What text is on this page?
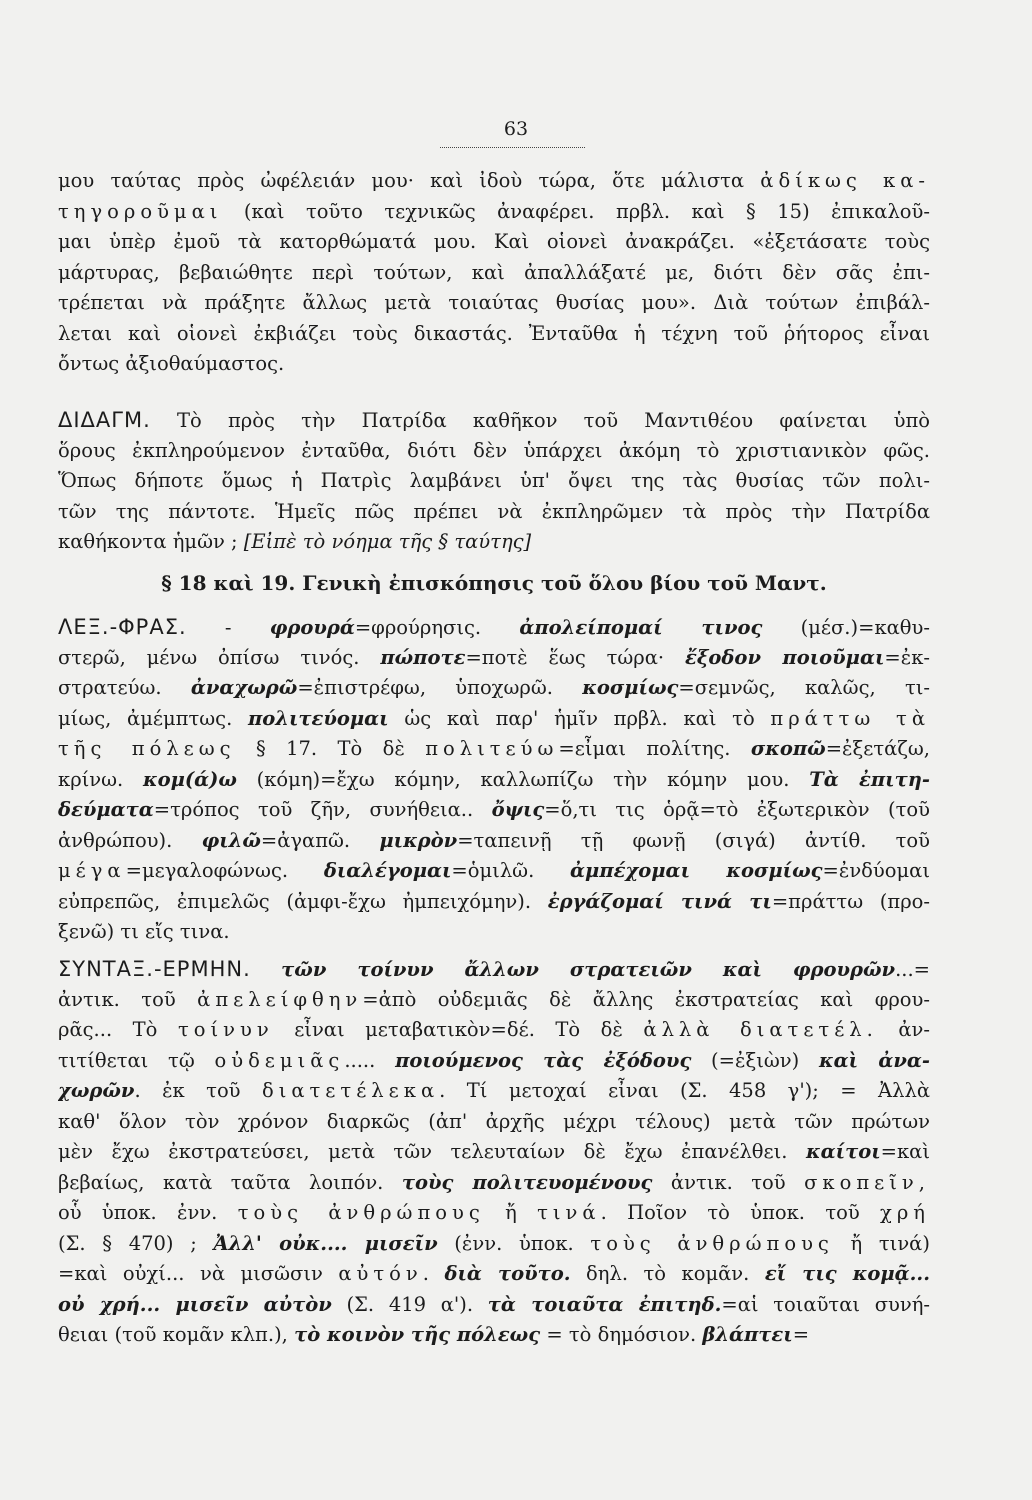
63
μου ταύτας πρὸς ὠφέλειάν μου· καὶ ἰδοὺ τώρα, ὅτε μάλιστα ἀδίκως κα-
τηγοροῦμαι (καὶ τοῦτο τεχνικῶς ἀναφέρει. πρβλ. καὶ § 15) ἐπικαλοῦ-
μαι ὑπὲρ ἐμοῦ τὰ κατορθώματά μου. Καὶ οἱονεὶ ἀνακράζει. «ἐξετάσατε τοὺς
μάρτυρας, βεβαιώθητε περὶ τούτων, καὶ ἀπαλλάξατέ με, διότι δὲν σᾶς ἐπι-
τρέπεται νὰ πράξητε ἄλλως μετὰ τοιαύτας θυσίας μου». Διὰ τούτων ἐπιβάλ-
λεται καὶ οἱονεὶ ἐκβιάζει τοὺς δικαστάς. Ἐνταῦθα ἡ τέχνη τοῦ ῥήτορος εἶναι
ὄντως ἀξιοθαύμαστος.
ΔΙΔΑΓΜ. Τὸ πρὸς τὴν Πατρίδα καθῆκον τοῦ Μαντιθέου φαίνεται ὑπὸ
ὅρους ἐκπληρούμενον ἐνταῦθα, διότι δὲν ὑπάρχει ἀκόμη τὸ χριστιανικὸν φῶς.
Ὅπως δήποτε ὅμως ἡ Πατρὶς λαμβάνει ὑπ' ὄψει της τὰς θυσίας τῶν πολι-
τῶν της πάντοτε. Ἡμεῖς πῶς πρέπει νὰ ἐκπληρῶμεν τὰ πρὸς τὴν Πατρίδα
καθήκοντα ἡμῶν ; [Εἰπὲ τὸ νόημα τῆς § ταύτης]
§ 18 καὶ 19. Γενικὴ ἐπισκόπησις τοῦ ὅλου βίου τοῦ Μαντ.
ΛΕΞ.-ΦΡΑΣ. - φρουρά=φρούρησις. ἀπολείπομαί τινος (μέσ.)=καθυ-
στερῶ, μένω ὀπίσω τινός. πώποτε=ποτὲ ἕως τώρα· ἔξοδον ποιοῦμαι=ἐκ-
στρατεύω. ἀναχωρῶ=ἐπιστρέφω, ὑποχωρῶ. κοσμίως=σεμνῶς, καλῶς, τι-
μίως, ἀμέμπτως. πολιτεύομαι ὡς καὶ παρ' ἡμῖν πρβλ. καὶ τὸ πράττω τὰ
τῆς πόλεως § 17. Τὸ δὲ πολιτεύω=εἶμαι πολίτης. σκοπῶ=ἐξετάζω,
κρίνω. κομ(ά)ω (κόμη)=ἔχω κόμην, καλλωπίζω τὴν κόμην μου. Τὰ ἐπιτη-
δεύματα=τρόπος τοῦ ζῆν, συνήθεια.. ὄψις=ὅ,τι τις ὁρᾷ=τὸ ἐξωτερικὸν (τοῦ
ἀνθρώπου). φιλῶ=ἀγαπῶ. μικρὸν=ταπεινῇ τῇ φωνῇ (σιγά) ἀντίθ. τοῦ
μέγα=μεγαλοφώνως. διαλέγομαι=ὁμιλῶ. ἀμπέχομαι κοσμίως=ἐνδύομαι
εὐπρεπῶς, ἐπιμελῶς (ἀμφι-ἔχω ἠμπειχόμην). ἐργάζομαί τινά τι=πράττω (προ-
ξενῶ) τι εἴς τινα.
ΣΥΝΤΑΞ.-ΕΡΜΗΝ. τῶν τοίνυν ἄλλων στρατειῶν καὶ φρουρῶν...=
ἀντικ. τοῦ ἀπελείφθην=ἀπὸ οὐδεμιᾶς δὲ ἄλλης ἐκστρατείας καὶ φρου-
ρᾶς... Τὸ τοίνυν εἶναι μεταβατικὸν=δέ. Τὸ δὲ ἀλλὰ διατετέλ. ἀν-
τιτίθεται τῷ οὐδεμιᾶς..... ποιούμενος τὰς ἐξόδους (=ἐξιὼν) καὶ ἀνα-
χωρῶν. ἐκ τοῦ διατετέλεκα. Τί μετοχαί εἶναι (Σ. 458 γ'); = Ἀλλὰ
καθ' ὅλον τὸν χρόνον διαρκῶς (ἀπ' ἀρχῆς μέχρι τέλους) μετὰ τῶν πρώτων
μὲν ἔχω ἐκστρατεύσει, μετὰ τῶν τελευταίων δὲ ἔχω ἐπανέλθει. καίτοι=καὶ
βεβαίως, κατὰ ταῦτα λοιπόν. τοὺς πολιτευομένους ἀντικ. τοῦ σκοπεῖν,
οὗ ὑποκ. ἐνν. τοὺς ἀνθρώπους ἤ τινά. Ποῖον τὸ ὑποκ. τοῦ χρή
(Σ. § 470) ; Ἀλλ' οὐκ.... μισεῖν (ἐνν. ὑποκ. τοὺς ἀνθρώπους ἤ τινά)
=καὶ οὐχί... νὰ μισῶσιν αὐτόν. διὰ τοῦτο. δηλ. τὸ κομᾶν. εἴ τις κομᾷ...
οὐ χρή... μισεῖν αὐτὸν (Σ. 419 α'). τὰ τοιαῦτα ἐπιτηδ.=αἱ τοιαῦται συνή-
θειαι (τοῦ κομᾶν κλπ.), τὸ κοινὸν τῆς πόλεως = τὸ δημόσιον. βλάπτει=
